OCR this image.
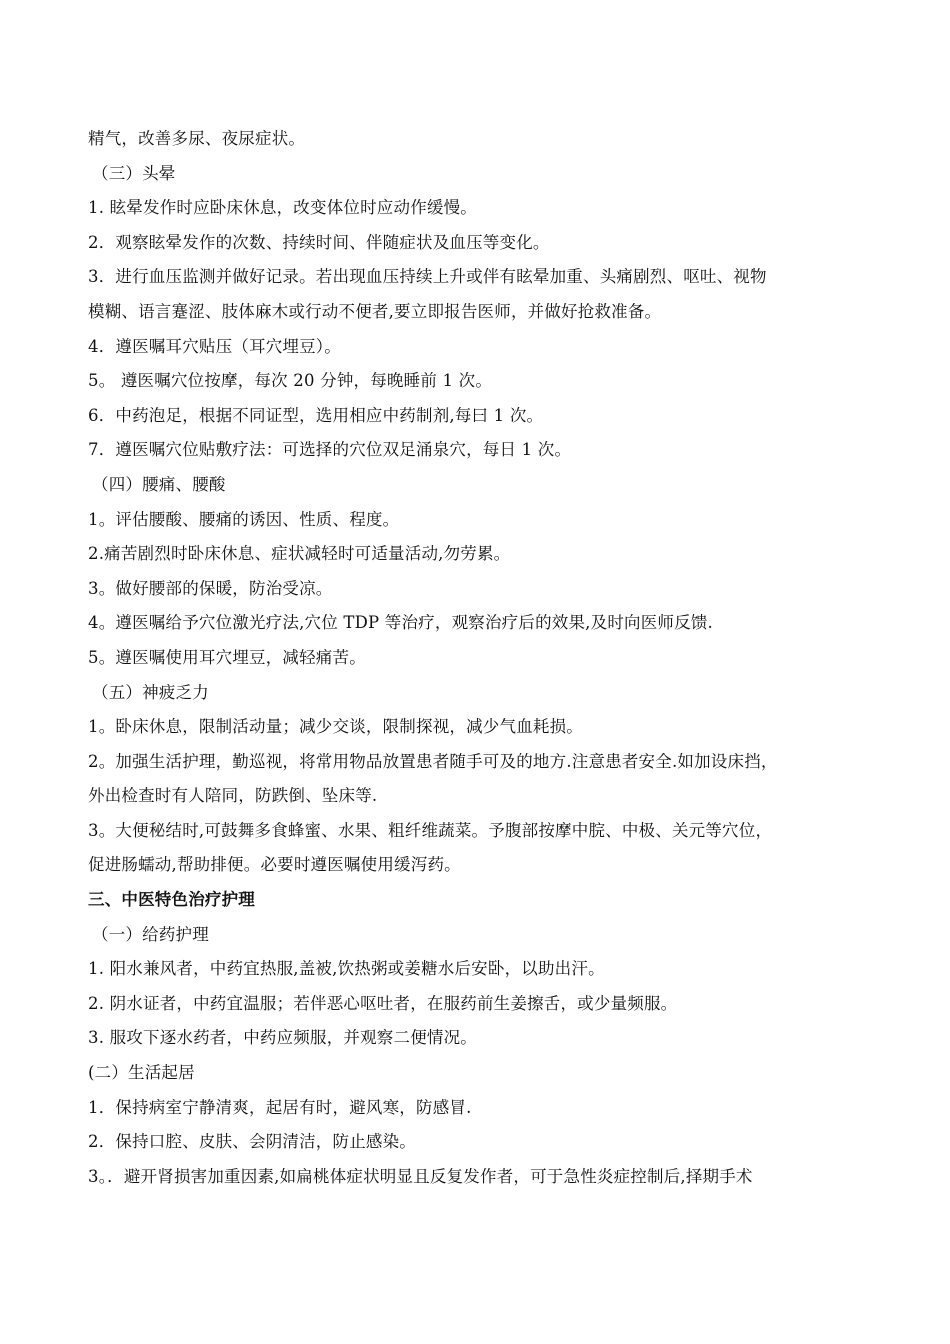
精气，改善多尿、夜尿症状。
（三）头晕
1. 眩晕发作时应卧床休息，改变体位时应动作缓慢。
2．观察眩晕发作的次数、持续时间、伴随症状及血压等变化。
3．进行血压监测并做好记录。若出现血压持续上升或伴有眩晕加重、头痛剧烈、呕吐、视物
模糊、语言蹇涩、肢体麻木或行动不便者,要立即报告医师，并做好抢救准备。
4．遵医嘱耳穴贴压（耳穴埋豆）。
5。 遵医嘱穴位按摩，每次 20 分钟，每晚睡前 1 次。
6．中药泡足，根据不同证型，选用相应中药制剂,每曰 1 次。
7．遵医嘱穴位贴敷疗法：可选择的穴位双足涌泉穴，每日 1 次。
（四）腰痛、腰酸
1。评估腰酸、腰痛的诱因、性质、程度。
2.痛苦剧烈时卧床休息、症状减轻时可适量活动,勿劳累。
3。做好腰部的保暖，防治受凉。
4。遵医嘱给予穴位激光疗法,穴位 TDP 等治疗，观察治疗后的效果,及时向医师反馈.
5。遵医嘱使用耳穴埋豆，减轻痛苦。
（五）神疲乏力
1。卧床休息，限制活动量；减少交谈，限制探视，减少气血耗损。
2。加强生活护理，勤巡视，将常用物品放置患者随手可及的地方.注意患者安全.如加设床挡，
外出检查时有人陪同，防跌倒、坠床等.
3。大便秘结时,可鼓舞多食蜂蜜、水果、粗纤维蔬菜。予腹部按摩中脘、中极、关元等穴位，
促进肠蠕动,帮助排便。必要时遵医嘱使用缓泻药。
三、中医特色治疗护理
（一）给药护理
1. 阳水兼风者，中药宜热服,盖被,饮热粥或姜糖水后安卧，以助出汗。
2. 阴水证者，中药宜温服；若伴恶心呕吐者，在服药前生姜擦舌，或少量频服。
3. 服攻下逐水药者，中药应频服，并观察二便情况。
(二）生活起居
1．保持病室宁静清爽，起居有时，避风寒，防感冒.
2．保持口腔、皮肤、会阴清洁，防止感染。
3。．避开肾损害加重因素,如扁桃体症状明显且反复发作者，可于急性炎症控制后,择期手术
